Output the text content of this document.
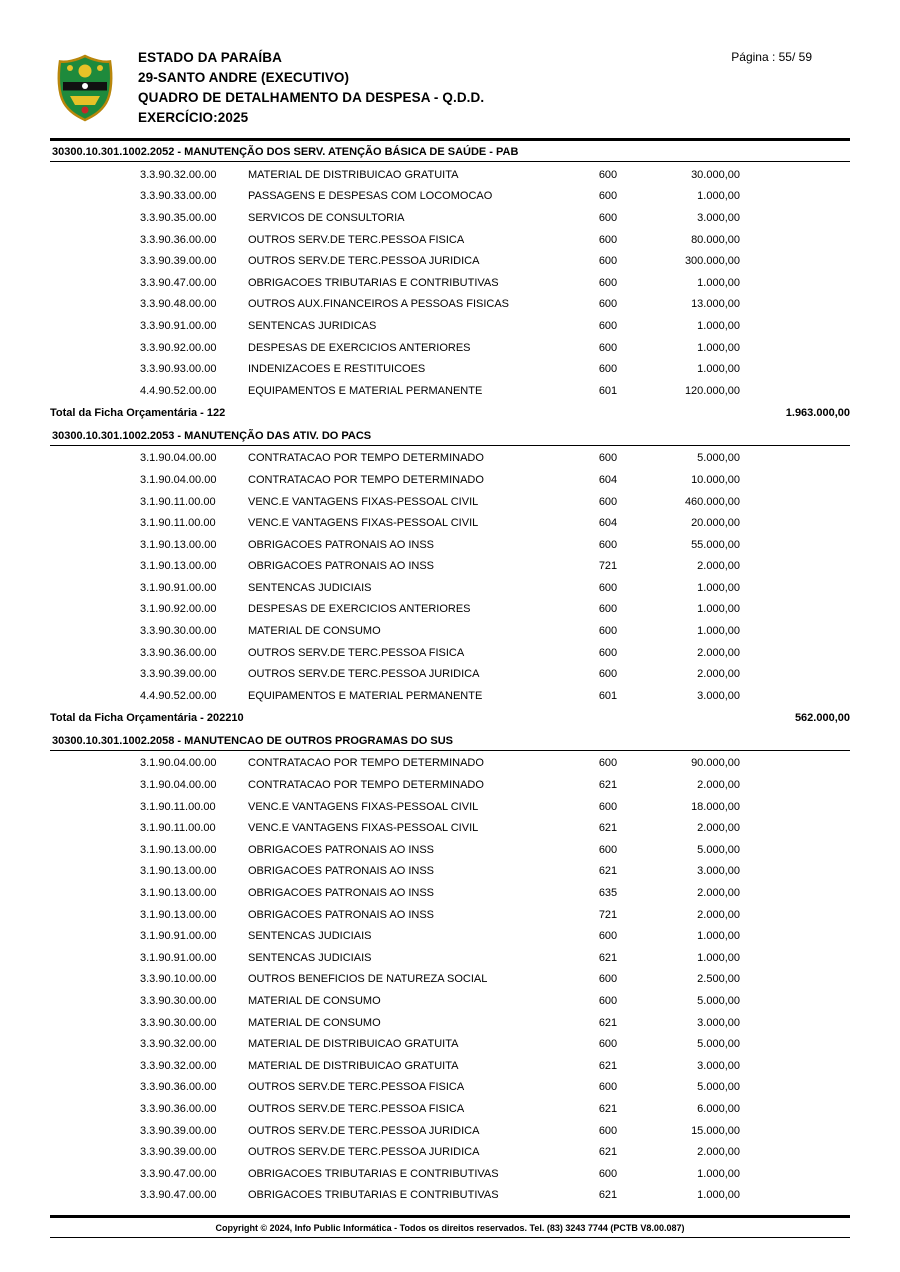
ESTADO DA PARAÍBA
29-SANTO ANDRE (EXECUTIVO)
QUADRO DE DETALHAMENTO DA DESPESA - Q.D.D.
EXERCÍCIO:2025
Página : 55/ 59
30300.10.301.1002.2052 - MANUTENÇÃO DOS SERV. ATENÇÃO BÁSICA DE SAÚDE - PAB
3.3.90.32.00.00	MATERIAL DE DISTRIBUICAO GRATUITA	600	30.000,00
3.3.90.33.00.00	PASSAGENS E DESPESAS COM LOCOMOCAO	600	1.000,00
3.3.90.35.00.00	SERVICOS DE CONSULTORIA	600	3.000,00
3.3.90.36.00.00	OUTROS SERV.DE TERC.PESSOA FISICA	600	80.000,00
3.3.90.39.00.00	OUTROS SERV.DE TERC.PESSOA JURIDICA	600	300.000,00
3.3.90.47.00.00	OBRIGACOES TRIBUTARIAS E CONTRIBUTIVAS	600	1.000,00
3.3.90.48.00.00	OUTROS AUX.FINANCEIROS A PESSOAS FISICAS	600	13.000,00
3.3.90.91.00.00	SENTENCAS JURIDICAS	600	1.000,00
3.3.90.92.00.00	DESPESAS DE EXERCICIOS ANTERIORES	600	1.000,00
3.3.90.93.00.00	INDENIZACOES E RESTITUICOES	600	1.000,00
4.4.90.52.00.00	EQUIPAMENTOS E MATERIAL PERMANENTE	601	120.000,00
Total da Ficha Orçamentária - 122	1.963.000,00
30300.10.301.1002.2053 - MANUTENÇÃO DAS ATIV. DO PACS
3.1.90.04.00.00	CONTRATACAO POR TEMPO DETERMINADO	600	5.000,00
3.1.90.04.00.00	CONTRATACAO POR TEMPO DETERMINADO	604	10.000,00
3.1.90.11.00.00	VENC.E VANTAGENS FIXAS-PESSOAL CIVIL	600	460.000,00
3.1.90.11.00.00	VENC.E VANTAGENS FIXAS-PESSOAL CIVIL	604	20.000,00
3.1.90.13.00.00	OBRIGACOES PATRONAIS AO INSS	600	55.000,00
3.1.90.13.00.00	OBRIGACOES PATRONAIS AO INSS	721	2.000,00
3.1.90.91.00.00	SENTENCAS JUDICIAIS	600	1.000,00
3.1.90.92.00.00	DESPESAS DE EXERCICIOS ANTERIORES	600	1.000,00
3.3.90.30.00.00	MATERIAL DE CONSUMO	600	1.000,00
3.3.90.36.00.00	OUTROS SERV.DE TERC.PESSOA FISICA	600	2.000,00
3.3.90.39.00.00	OUTROS SERV.DE TERC.PESSOA JURIDICA	600	2.000,00
4.4.90.52.00.00	EQUIPAMENTOS E MATERIAL PERMANENTE	601	3.000,00
Total da Ficha Orçamentária - 202210	562.000,00
30300.10.301.1002.2058 - MANUTENCAO DE OUTROS PROGRAMAS DO SUS
3.1.90.04.00.00	CONTRATACAO POR TEMPO DETERMINADO	600	90.000,00
3.1.90.04.00.00	CONTRATACAO POR TEMPO DETERMINADO	621	2.000,00
3.1.90.11.00.00	VENC.E VANTAGENS FIXAS-PESSOAL CIVIL	600	18.000,00
3.1.90.11.00.00	VENC.E VANTAGENS FIXAS-PESSOAL CIVIL	621	2.000,00
3.1.90.13.00.00	OBRIGACOES PATRONAIS AO INSS	600	5.000,00
3.1.90.13.00.00	OBRIGACOES PATRONAIS AO INSS	621	3.000,00
3.1.90.13.00.00	OBRIGACOES PATRONAIS AO INSS	635	2.000,00
3.1.90.13.00.00	OBRIGACOES PATRONAIS AO INSS	721	2.000,00
3.1.90.91.00.00	SENTENCAS JUDICIAIS	600	1.000,00
3.1.90.91.00.00	SENTENCAS JUDICIAIS	621	1.000,00
3.3.90.10.00.00	OUTROS BENEFICIOS DE NATUREZA SOCIAL	600	2.500,00
3.3.90.30.00.00	MATERIAL DE CONSUMO	600	5.000,00
3.3.90.30.00.00	MATERIAL DE CONSUMO	621	3.000,00
3.3.90.32.00.00	MATERIAL DE DISTRIBUICAO GRATUITA	600	5.000,00
3.3.90.32.00.00	MATERIAL DE DISTRIBUICAO GRATUITA	621	3.000,00
3.3.90.36.00.00	OUTROS SERV.DE TERC.PESSOA FISICA	600	5.000,00
3.3.90.36.00.00	OUTROS SERV.DE TERC.PESSOA FISICA	621	6.000,00
3.3.90.39.00.00	OUTROS SERV.DE TERC.PESSOA JURIDICA	600	15.000,00
3.3.90.39.00.00	OUTROS SERV.DE TERC.PESSOA JURIDICA	621	2.000,00
3.3.90.47.00.00	OBRIGACOES TRIBUTARIAS E CONTRIBUTIVAS	600	1.000,00
3.3.90.47.00.00	OBRIGACOES TRIBUTARIAS E CONTRIBUTIVAS	621	1.000,00
Copyright © 2024, Info Public Informática - Todos os direitos reservados. Tel. (83) 3243 7744 (PCTB V8.00.087)
